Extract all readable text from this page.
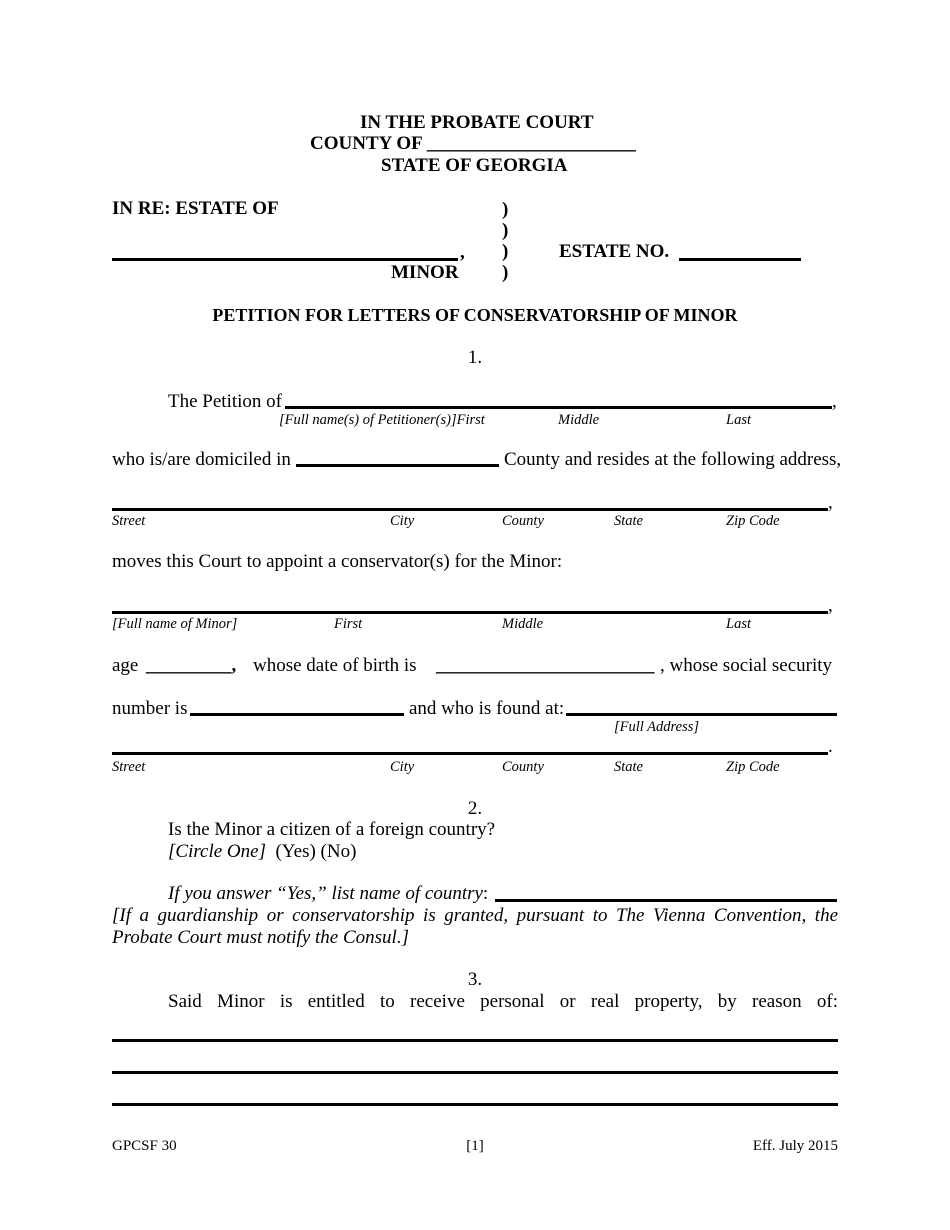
IN THE PROBATE COURT
COUNTY OF ______________________
STATE OF GEORGIA
IN RE: ESTATE OF
,
MINOR
)
)
)
)
ESTATE NO.
PETITION FOR LETTERS OF CONSERVATORSHIP OF MINOR
1.
The Petition of	,
[Full name(s) of Petitioner(s)]First	Middle	Last
who is/are domiciled in	County and resides at the following address,
,
Street	City	County	State	Zip Code
moves this Court to appoint a conservator(s) for the Minor:
,
[Full name of Minor]	First	Middle	Last
age _________, whose date of birth is _______________________ , whose social security
number is	and who is found at:
[Full Address]
.
Street	City	County	State	Zip Code
2.
Is the Minor a citizen of a foreign country?
[Circle One] (Yes) (No)
If you answer “Yes,” list name of country:
[If a guardianship or conservatorship is granted, pursuant to The Vienna Convention, the Probate Court must notify the Consul.]
3.
Said Minor is entitled to receive personal or real property, by reason of:
GPCSF 30	[1]	Eff. July 2015
